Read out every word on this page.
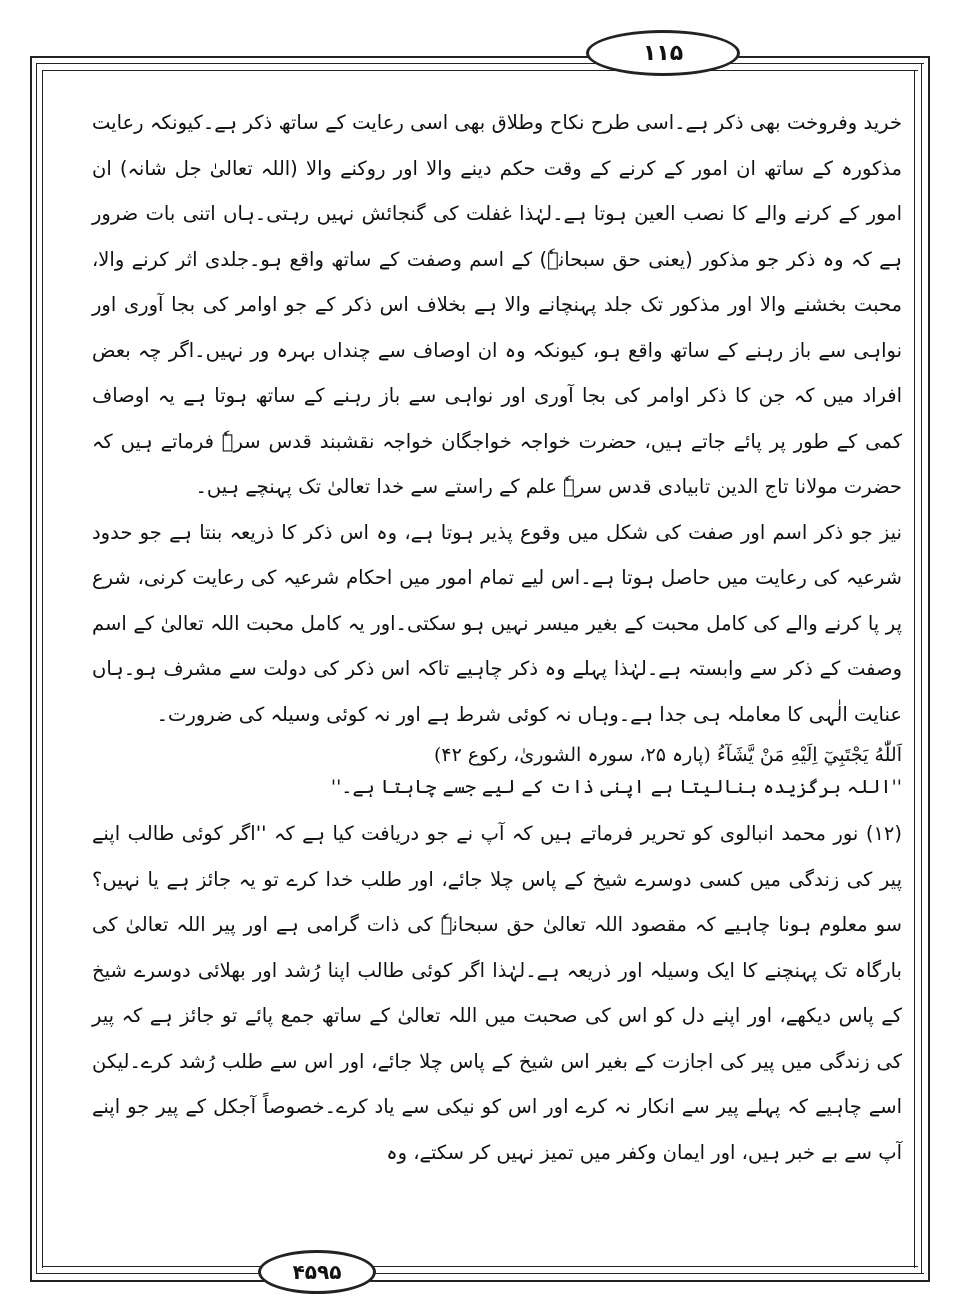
۱۱۵

خرید وفروخت بھی ذکر ہے۔اسی طرح نکاح وطلاق بھی اسی رعایت کے ساتھ ذکر ہے۔کیونکہ رعایت مذکورہ کے ساتھ ان امور کے کرنے کے وقت حکم دینے والا اور روکنے والا (اللہ تعالیٰ جل شانہ) ان امور کے کرنے والے کا نصب العین ہوتا ہے۔لہٰذا غفلت کی گنجائش نہیں رہتی۔ہاں اتنی بات ضرور ہے کہ وہ ذکر جو مذکور (یعنی حق سبحانہٗ) کے اسم وصفت کے ساتھ واقع ہو۔جلدی اثر کرنے والا، محبت بخشنے والا اور مذکور تک جلد پہنچانے والا ہے بخلاف اس ذکر کے جو اوامر کی بجا آوری اور نواہی سے باز رہنے کے ساتھ واقع ہو، کیونکہ وہ ان اوصاف سے چنداں بہرہ ور نہیں۔اگر چہ بعض افراد میں کہ جن کا ذکر اوامر کی بجا آوری اور نواہی سے باز رہنے کے ساتھ ہوتا ہے یہ اوصاف کمی کے طور پر پائے جاتے ہیں، حضرت خواجہ خواجگان خواجہ نقشبند قدس سرہٗ فرماتے ہیں کہ حضرت مولانا تاج الدین تابیادی قدس سرہٗ علم کے راستے سے خدا تعالیٰ تک پہنچے ہیں۔

نیز جو ذکر اسم اور صفت کی شکل میں وقوع پذیر ہوتا ہے، وہ اس ذکر کا ذریعہ بنتا ہے جو حدود شرعیہ کی رعایت میں حاصل ہوتا ہے۔اس لیے تمام امور میں احکام شرعیہ کی رعایت کرنی، شرع پر پا کرنے والے کی کامل محبت کے بغیر میسر نہیں ہو سکتی۔اور یہ کامل محبت اللہ تعالیٰ کے اسم وصفت کے ذکر سے وابستہ ہے۔لہٰذا پہلے وہ ذکر چاہیے تاکہ اس ذکر کی دولت سے مشرف ہو۔ہاں عنایت الٰہی کا معاملہ ہی جدا ہے۔وہاں نہ کوئی شرط ہے اور نہ کوئی وسیلہ کی ضرورت۔

اَللّٰهُ يَجْتَبِيٓ اِلَيْهِ مَنْ يَّشَآءُ (پارہ ۲۵، سورہ الشوریٰ، رکوع ۴۲)
''اللہ برگزیدہ بنالیتا ہے اپنی ذات کے لیے جسے چاہتا ہے۔''

(۱۲) نور محمد انبالوی کو تحریر فرماتے ہیں کہ آپ نے جو دریافت کیا ہے کہ ''اگر کوئی طالب اپنے پیر کی زندگی میں کسی دوسرے شیخ کے پاس چلا جائے، اور طلب خدا کرے تو یہ جائز ہے یا نہیں؟ سو معلوم ہونا چاہیے کہ مقصود اللہ تعالیٰ حق سبحانہٗ کی ذات گرامی ہے اور پیر اللہ تعالیٰ کی بارگاہ تک پہنچنے کا ایک وسیلہ اور ذریعہ ہے۔لہٰذا اگر کوئی طالب اپنا رُشد اور بھلائی دوسرے شیخ کے پاس دیکھے، اور اپنے دل کو اس کی صحبت میں اللہ تعالیٰ کے ساتھ جمع پائے تو جائز ہے کہ پیر کی زندگی میں پیر کی اجازت کے بغیر اس شیخ کے پاس چلا جائے، اور اس سے طلب رُشد کرے۔لیکن اسے چاہیے کہ پہلے پیر سے انکار نہ کرے اور اس کو نیکی سے یاد کرے۔خصوصاً آجکل کے پیر جو اپنے آپ سے بے خبر ہیں، اور ایمان وکفر میں تمیز نہیں کر سکتے، وہ

۴۵۹۵
